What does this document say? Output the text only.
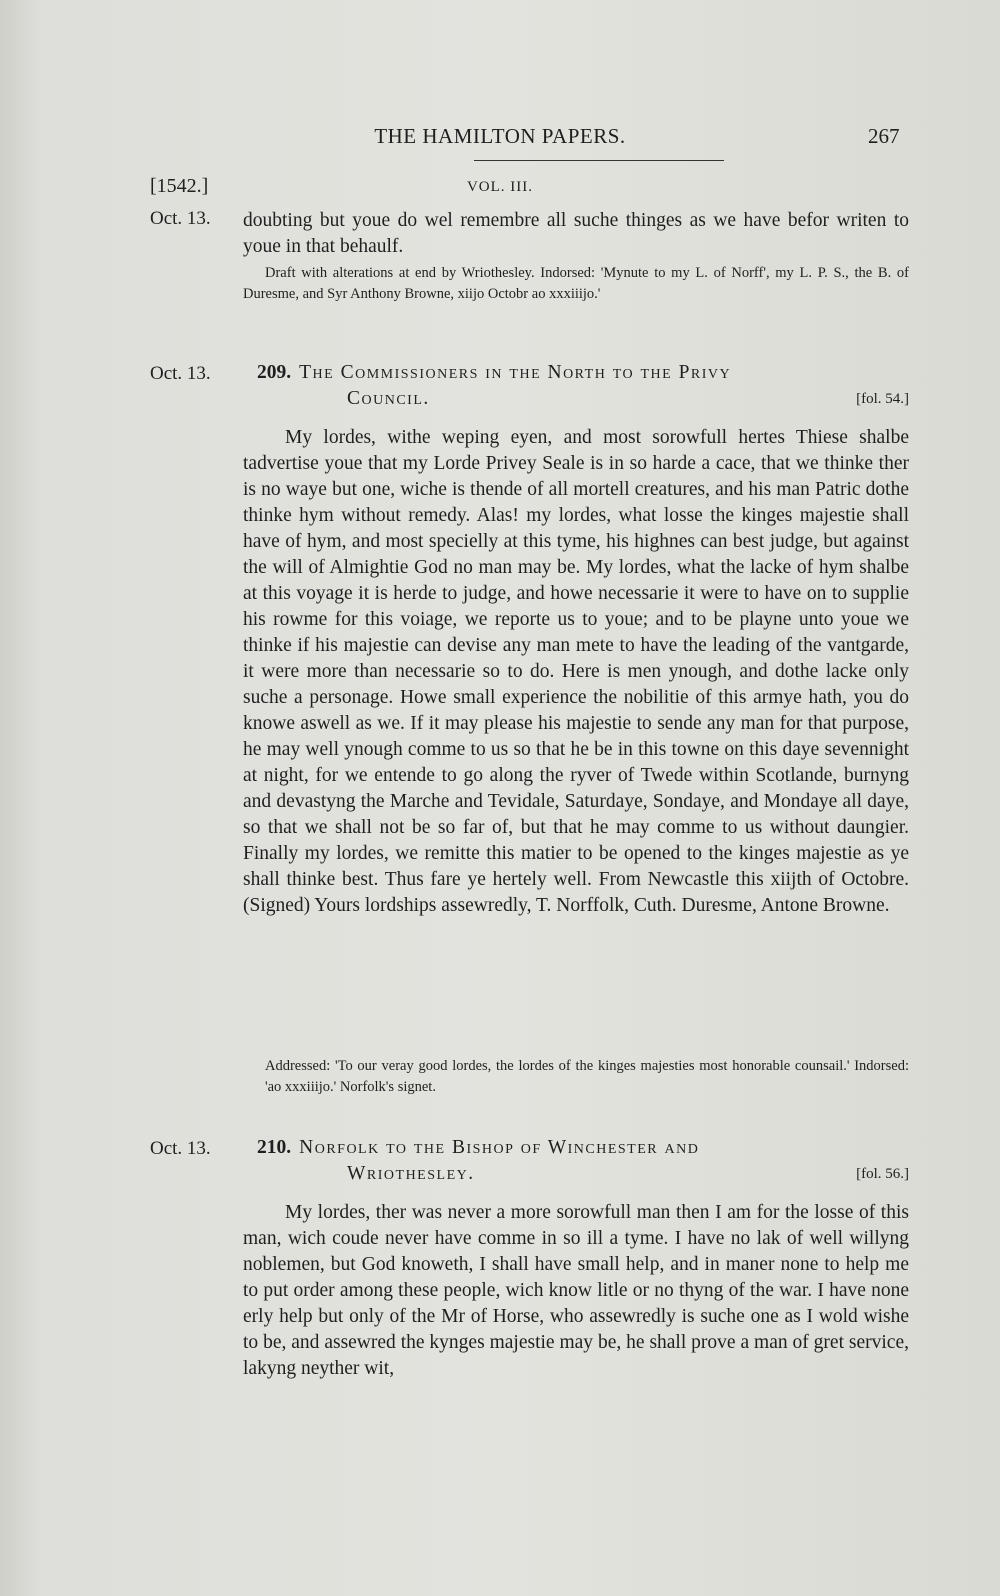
THE HAMILTON PAPERS.	267
[1542.]	VOL. III.
Oct. 13. doubting but youe do wel remembre all suche thinges as we have befor writen to youe in that behaulf.

Draft with alterations at end by Wriothesley. Indorsed: 'Mynute to my L. of Norff', my L. P. S., the B. of Duresme, and Syr Anthony Browne, xiijo Octobr ao xxxiiijo.'
Oct. 13. 209. The Commissioners in the North to the Privy
Council.	[fol. 54.]

My lordes, withe weping eyen, and most sorowfull hertes Thiese shalbe tadvertise youe that my Lorde Privey Seale is in so harde a cace, that we thinke ther is no waye but one, wiche is thende of all mortell creatures, and his man Patric dothe thinke hym without remedy. Alas! my lordes, what losse the kinges majestie shall have of hym, and most specielly at this tyme, his highnes can best judge, but against the will of Almightie God no man may be. My lordes, what the lacke of hym shalbe at this voyage it is herde to judge, and howe necessarie it were to have on to supplie his rowme for this voiage, we reporte us to youe; and to be playne unto youe we thinke if his majestie can devise any man mete to have the leading of the vantgarde, it were more than necessarie so to do. Here is men ynough, and dothe lacke only suche a personage. Howe small experience the nobilitie of this armye hath, you do knowe aswell as we. If it may please his majestie to sende any man for that purpose, he may well ynough comme to us so that he be in this towne on this daye sevennight at night, for we entende to go along the ryver of Twede within Scotlande, burnyng and devastyng the Marche and Tevidale, Saturdaye, Sondaye, and Mondaye all daye, so that we shall not be so far of, but that he may comme to us without daungier. Finally my lordes, we remitte this matier to be opened to the kinges majestie as ye shall thinke best. Thus fare ye hertely well. From Newcastle this xiijth of Octobre. (Signed) Yours lordships assewredly, T. Norffolk, Cuth. Duresme, Antone Browne.

Addressed: 'To our veray good lordes, the lordes of the kinges majesties most honorable counsail.' Indorsed: 'ao xxxiiijo.' Norfolk's signet.
Oct. 13. 210. Norfolk to the Bishop of Winchester and
Wriothesley.	[fol. 56.]

My lordes, ther was never a more sorowfull man then I am for the losse of this man, wich coude never have comme in so ill a tyme. I have no lak of well willyng noblemen, but God knoweth, I shall have small help, and in maner none to help me to put order among these people, wich know litle or no thyng of the war. I have none erly help but only of the Mr of Horse, who assewredly is suche one as I wold wishe to be, and assewred the kynges majestie may be, he shall prove a man of gret service, lakyng neyther wit,
